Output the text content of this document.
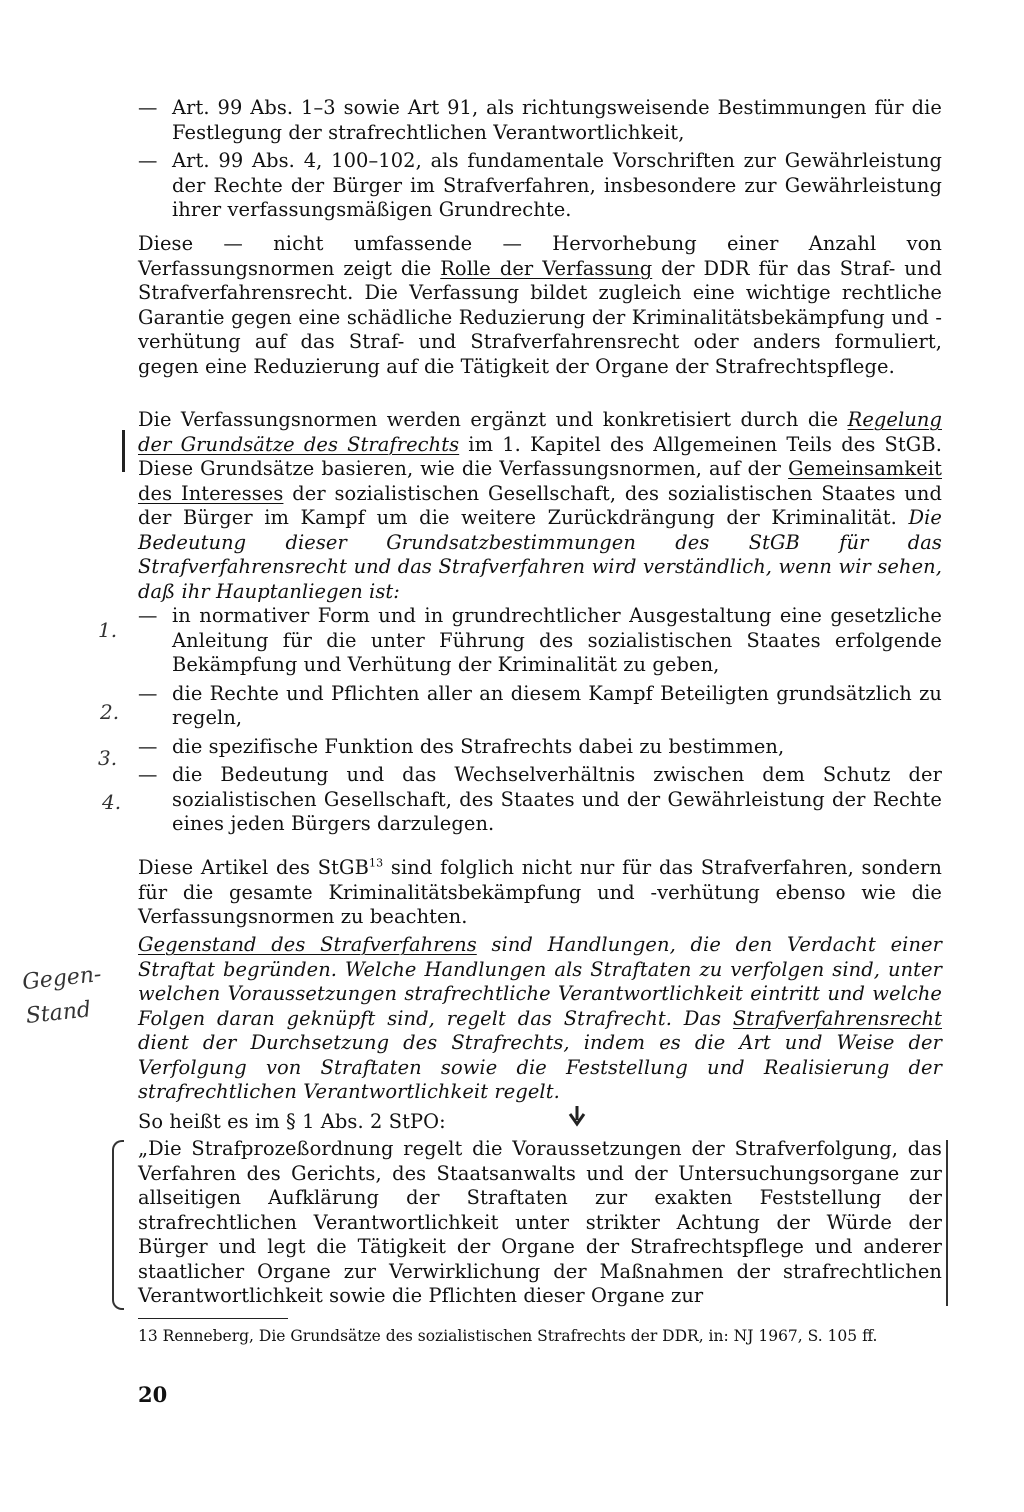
— Art. 99 Abs. 1–3 sowie Art 91, als richtungsweisende Bestimmungen für die Festlegung der strafrechtlichen Verantwortlichkeit,

— Art. 99 Abs. 4, 100–102, als fundamentale Vorschriften zur Gewährleistung der Rechte der Bürger im Strafverfahren, insbesondere zur Gewährleistung ihrer verfassungsmäßigen Grundrechte.

Diese — nicht umfassende — Hervorhebung einer Anzahl von Verfassungsnormen zeigt die Rolle der Verfassung der DDR für das Straf- und Strafverfahrensrecht. Die Verfassung bildet zugleich eine wichtige rechtliche Garantie gegen eine schädliche Reduzierung der Kriminalitätsbekämpfung und -verhütung auf das Straf- und Strafverfahrensrecht oder anders formuliert, gegen eine Reduzierung auf die Tätigkeit der Organe der Strafrechtspflege.

Die Verfassungsnormen werden ergänzt und konkretisiert durch die Regelung der Grundsätze des Strafrechts im 1. Kapitel des Allgemeinen Teils des StGB. Diese Grundsätze basieren, wie die Verfassungsnormen, auf der Gemeinsamkeit des Interesses der sozialistischen Gesellschaft, des sozialistischen Staates und der Bürger im Kampf um die weitere Zurückdrängung der Kriminalität. Die Bedeutung dieser Grundsatzbestimmungen des StGB für das Strafverfahrensrecht und das Strafverfahren wird verständlich, wenn wir sehen, daß ihr Hauptanliegen ist:

— in normativer Form und in grundrechtlicher Ausgestaltung eine gesetzliche Anleitung für die unter Führung des sozialistischen Staates erfolgende Bekämpfung und Verhütung der Kriminalität zu geben,

— die Rechte und Pflichten aller an diesem Kampf Beteiligten grundsätzlich zu regeln,

— die spezifische Funktion des Strafrechts dabei zu bestimmen,

— die Bedeutung und das Wechselverhältnis zwischen dem Schutz der sozialistischen Gesellschaft, des Staates und der Gewährleistung der Rechte eines jeden Bürgers darzulegen.

Diese Artikel des StGB$^{13}$ sind folglich nicht nur für das Strafverfahren, sondern für die gesamte Kriminalitätsbekämpfung und -verhütung ebenso wie die Verfassungsnormen zu beachten.

Gegenstand des Strafverfahrens sind Handlungen, die den Verdacht einer Straftat begründen. Welche Handlungen als Straftaten zu verfolgen sind, unter welchen Voraussetzungen strafrechtliche Verantwortlichkeit eintritt und welche Folgen daran geknüpft sind, regelt das Strafrecht. Das Strafverfahrensrecht dient der Durchsetzung des Strafrechts, indem es die Art und Weise der Verfolgung von Straftaten sowie die Feststellung und Realisierung der strafrechtlichen Verantwortlichkeit regelt.

So heißt es im § 1 Abs. 2 StPO:

„Die Strafprozeßordnung regelt die Voraussetzungen der Strafverfolgung, das Verfahren des Gerichts, des Staatsanwalts und der Untersuchungsorgane zur allseitigen Aufklärung der Straftaten zur exakten Feststellung der strafrechtlichen Verantwortlichkeit unter strikter Achtung der Würde der Bürger und legt die Tätigkeit der Organe der Strafrechtspflege und anderer staatlicher Organe zur Verwirklichung der Maßnahmen der strafrechtlichen Verantwortlichkeit sowie die Pflichten dieser Organe zur

13 Renneberg, Die Grundsätze des sozialistischen Strafrechts der DDR, in: NJ 1967, S. 105 ff.

20
1.
2.
3.
4.
Gegen-
Stand
